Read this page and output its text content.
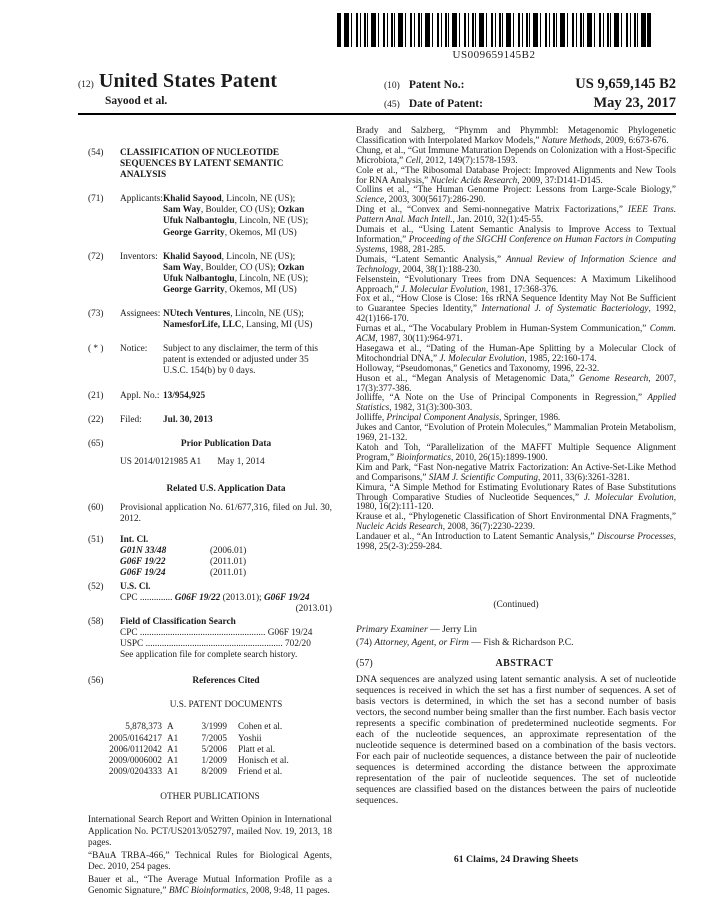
US009659145B2
(12) United States Patent
Sayood et al.
(10) Patent No.:	US 9,659,145 B2
(45) Date of Patent:	May 23, 2017
(54)	CLASSIFICATION OF NUCLEOTIDE
SEQUENCES BY LATENT SEMANTIC
ANALYSIS
(71)	Applicants:Khalid Sayood, Lincoln, NE (US);
Sam Way, Boulder, CO (US); Ozkan
Ufuk Nalbantoglu, Lincoln, NE (US);
George Garrity, Okemos, MI (US)
(72)	Inventors: Khalid Sayood, Lincoln, NE (US);
Sam Way, Boulder, CO (US); Ozkan
Ufuk Nalbantoglu, Lincoln, NE (US);
George Garrity, Okemos, MI (US)
(73)	Assignees: NUtech Ventures, Lincoln, NE (US);
NamesforLife, LLC, Lansing, MI (US)
( * )	Notice: Subject to any disclaimer, the term of this
patent is extended or adjusted under 35
U.S.C. 154(b) by 0 days.
(21)	Appl. No.: 13/954,925
(22)	Filed: Jul. 30, 2013
(65)	Prior Publication Data
US 2014/0121985 A1       May 1, 2014
Related U.S. Application Data
(60)	Provisional application No. 61/677,316, filed on Jul. 30, 2012.
(51)	Int. Cl.
G01N 33/48	(2006.01)
G06F 19/22	(2011.01)
G06F 19/24	(2011.01)
(52)	U.S. Cl.
CPC .............. G06F 19/22 (2013.01); G06F 19/24
(2013.01)
(58)	Field of Classification Search
CPC ...................................................... G06F 19/24
USPC ........................................................... 702/20
See application file for complete search history.
(56)	References Cited
U.S. PATENT DOCUMENTS
5,878,373 A	3/1999	Cohen et al.
2005/0164217 A1	7/2005	Yoshii
2006/0112042 A1	5/2006	Platt et al.
2009/0006002 A1	1/2009	Honisch et al.
2009/0204333 A1	8/2009	Friend et al.
OTHER PUBLICATIONS
International Search Report and Written Opinion in International Application No. PCT/US2013/052797, mailed Nov. 19, 2013, 18 pages.
“BAuA TRBA-466,” Technical Rules for Biological Agents, Dec. 2010, 254 pages.
Bauer et al., “The Average Mutual Information Profile as a Genomic Signature,” BMC Bioinformatics, 2008, 9:48, 11 pages.
Brady and Salzberg, “Phymm and Phymmbl: Metagenomic Phylogenetic Classification with Interpolated Markov Models,” Nature Methods, 2009, 6:673-676.
Chung, et al., “Gut Immune Maturation Depends on Colonization with a Host-Specific Microbiota,” Cell, 2012, 149(7):1578-1593.
Cole et al., “The Ribosomal Database Project: Improved Alignments and New Tools for RNA Analysis,” Nucleic Acids Research, 2009, 37:D141-D145.
Collins et al., “The Human Genome Project: Lessons from Large-Scale Biology,” Science, 2003, 300(5617):286-290.
Ding et al., “Convex and Semi-nonnegative Matrix Factorizations,” IEEE Trans. Pattern Anal. Mach Intell., Jan. 2010, 32(1):45-55.
Dumais et al., “Using Latent Semantic Analysis to Improve Access to Textual Information,” Proceeding of the SIGCHI Conference on Human Factors in Computing Systems, 1988, 281-285.
Dumais, “Latent Semantic Analysis,” Annual Review of Information Science and Technology, 2004, 38(1):188-230.
Felsenstein, “Evolutionary Trees from DNA Sequences: A Maximum Likelihood Approach,” J. Molecular Evolution, 1981, 17:368-376.
Fox et al., “How Close is Close: 16s rRNA Sequence Identity May Not Be Sufficient to Guarantee Species Identity,” International J. of Systematic Bacteriology, 1992, 42(1)166-170.
Furnas et al., “The Vocabulary Problem in Human-System Communication,” Comm. ACM, 1987, 30(11):964-971.
Hasegawa et al., “Dating of the Human-Ape Splitting by a Molecular Clock of Mitochondrial DNA,” J. Molecular Evolution, 1985, 22:160-174.
Holloway, “Pseudomonas,” Genetics and Taxonomy, 1996, 22-32.
Huson et al., “Megan Analysis of Metagenomic Data,” Genome Research, 2007, 17(3):377-386.
Jolliffe, “A Note on the Use of Principal Components in Regression,” Applied Statistics, 1982, 31(3):300-303.
Jolliffe, Principal Component Analysis, Springer, 1986.
Jukes and Cantor, “Evolution of Protein Molecules,” Mammalian Protein Metabolism, 1969, 21-132.
Katoh and Toh, “Parallelization of the MAFFT Multiple Sequence Alignment Program,” Bioinformatics, 2010, 26(15):1899-1900.
Kim and Park, “Fast Non-negative Matrix Factorization: An Active-Set-Like Method and Comparisons,” SIAM J. Scientific Computing, 2011, 33(6):3261-3281.
Kimura, “A Simple Method for Estimating Evolutionary Rates of Base Substitutions Through Comparative Studies of Nucleotide Sequences,” J. Molecular Evolution, 1980, 16(2):111-120.
Krause et al., “Phylogenetic Classification of Short Environmental DNA Fragments,” Nucleic Acids Research, 2008, 36(7):2230-2239.
Landauer et al., “An Introduction to Latent Semantic Analysis,” Discourse Processes, 1998, 25(2-3):259-284.
(Continued)
Primary Examiner — Jerry Lin
(74) Attorney, Agent, or Firm — Fish & Richardson P.C.
(57)	ABSTRACT
DNA sequences are analyzed using latent semantic analysis. A set of nucleotide sequences is received in which the set has a first number of sequences. A set of basis vectors is determined, in which the set has a second number of basis vectors, the second number being smaller than the first number. Each basis vector represents a specific combination of predetermined nucleotide segments. For each of the nucleotide sequences, an approximate representation of the nucleotide sequence is determined based on a combination of the basis vectors. For each pair of nucleotide sequences, a distance between the pair of nucleotide sequences is determined according the distance between the approximate representation of the pair of nucleotide sequences. The set of nucleotide sequences are classified based on the distances between the pairs of nucleotide sequences.
61 Claims, 24 Drawing Sheets
